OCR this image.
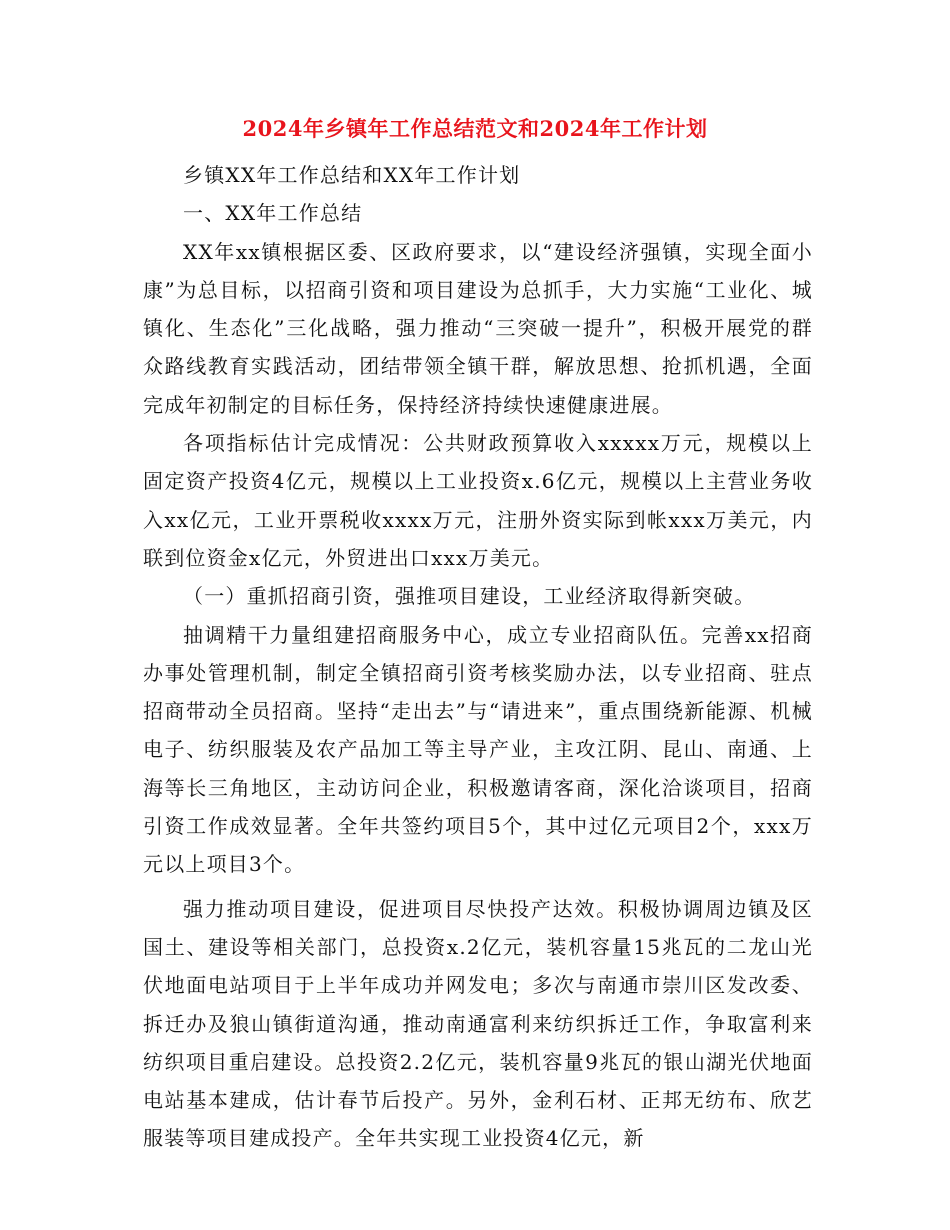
2024年乡镇年工作总结范文和2024年工作计划

乡镇XX年工作总结和XX年工作计划

一、XX年工作总结

XX年xx镇根据区委、区政府要求，以“建设经济强镇，实现全面小康”为总目标，以招商引资和项目建设为总抓手，大力实施“工业化、城镇化、生态化”三化战略，强力推动“三突破一提升”，积极开展党的群众路线教育实践活动，团结带领全镇干群，解放思想、抢抓机遇，全面完成年初制定的目标任务，保持经济持续快速健康进展。

各项指标估计完成情况：公共财政预算收入xxxxx万元，规模以上固定资产投资4亿元，规模以上工业投资x.6亿元，规模以上主营业务收入xx亿元，工业开票税收xxxx万元，注册外资实际到帐xxx万美元，内联到位资金x亿元，外贸进出口xxx万美元。

（一）重抓招商引资，强推项目建设，工业经济取得新突破。

抽调精干力量组建招商服务中心，成立专业招商队伍。完善xx招商办事处管理机制，制定全镇招商引资考核奖励办法，以专业招商、驻点招商带动全员招商。坚持“走出去”与“请进来”，重点围绕新能源、机械电子、纺织服装及农产品加工等主导产业，主攻江阴、昆山、南通、上海等长三角地区，主动访问企业，积极邀请客商，深化洽谈项目，招商引资工作成效显著。全年共签约项目5个，其中过亿元项目2个，xxx万元以上项目3个。

强力推动项目建设，促进项目尽快投产达效。积极协调周边镇及区国土、建设等相关部门，总投资x.2亿元，装机容量15兆瓦的二龙山光伏地面电站项目于上半年成功并网发电；多次与南通市崇川区发改委、拆迁办及狼山镇街道沟通，推动南通富利来纺织拆迁工作，争取富利来纺织项目重启建设。总投资2.2亿元，装机容量9兆瓦的银山湖光伏地面电站基本建成，估计春节后投产。另外，金利石材、正邦无纺布、欣艺服装等项目建成投产。全年共实现工业投资4亿元，新
